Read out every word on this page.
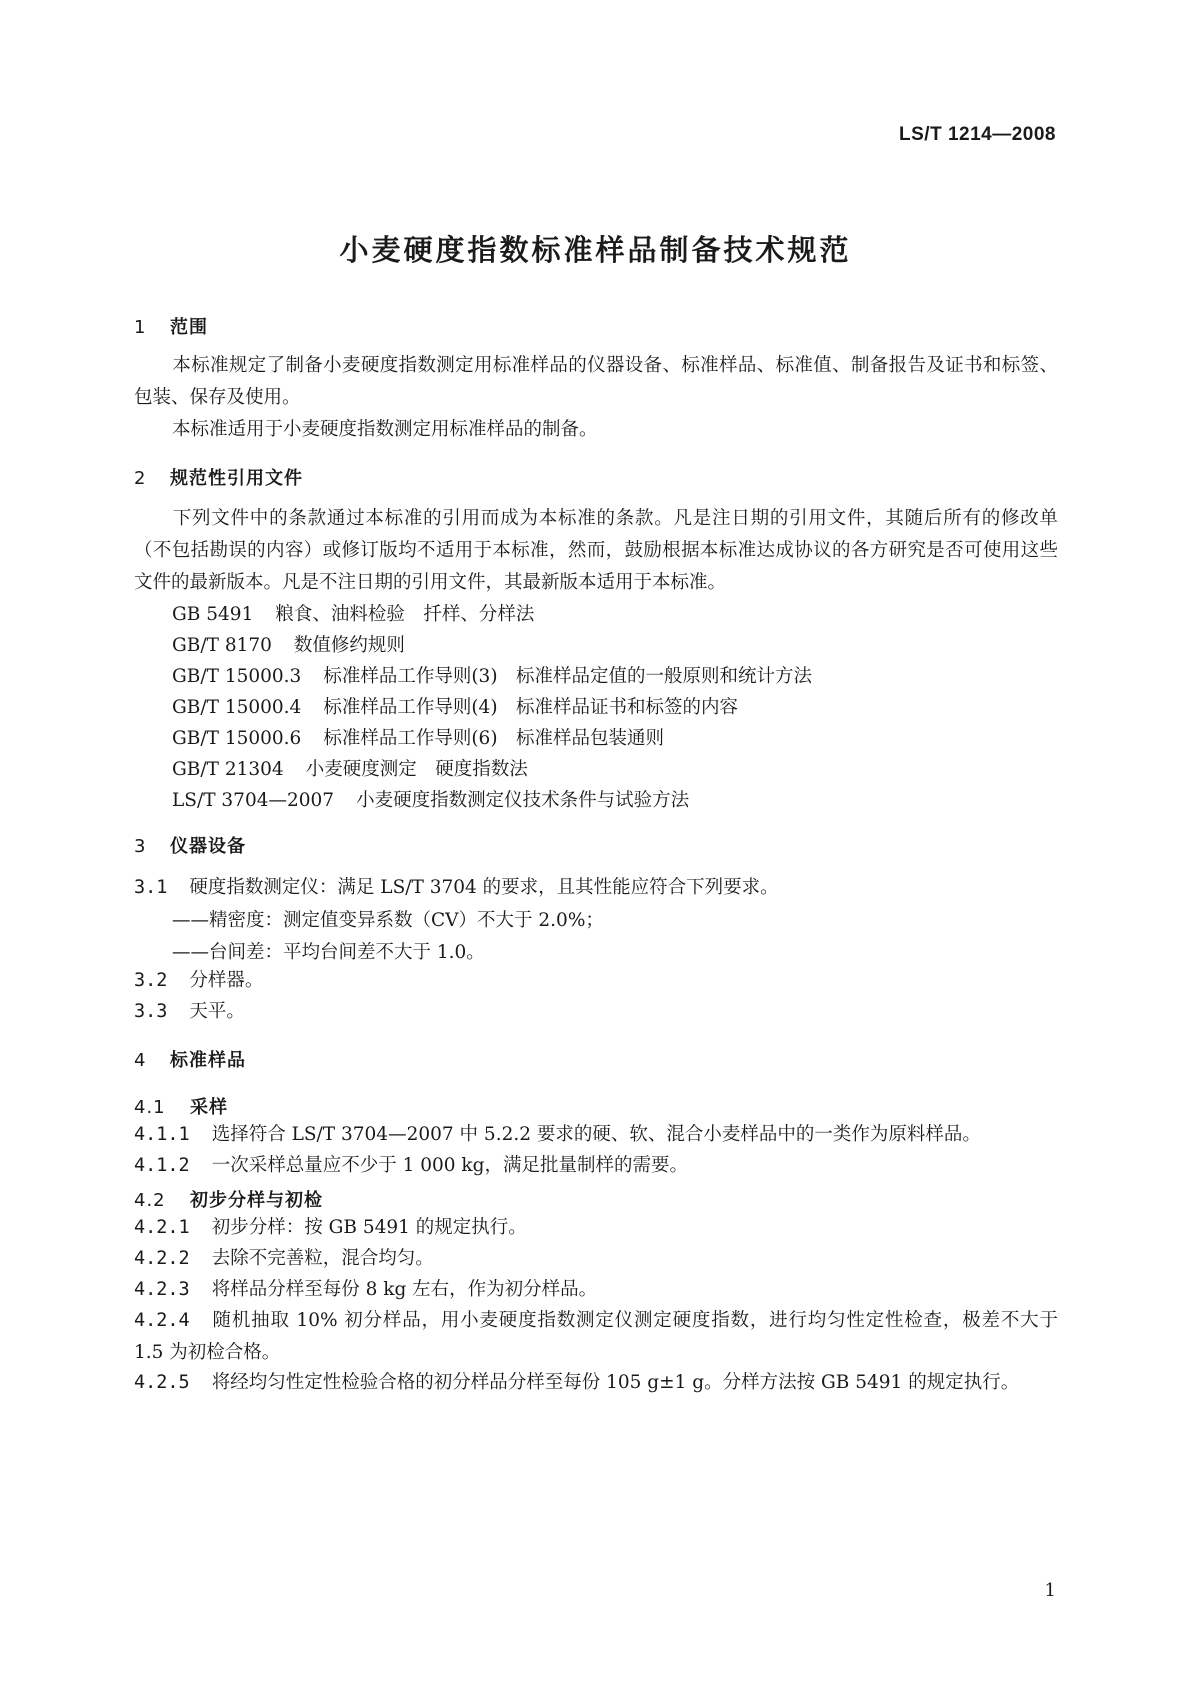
LS/T 1214—2008
小麦硬度指数标准样品制备技术规范
1 范围
本标准规定了制备小麦硬度指数测定用标准样品的仪器设备、标准样品、标准值、制备报告及证书和标签、包装、保存及使用。
本标准适用于小麦硬度指数测定用标准样品的制备。
2 规范性引用文件
下列文件中的条款通过本标准的引用而成为本标准的条款。凡是注日期的引用文件，其随后所有的修改单（不包括勘误的内容）或修订版均不适用于本标准，然而，鼓励根据本标准达成协议的各方研究是否可使用这些文件的最新版本。凡是不注日期的引用文件，其最新版本适用于本标准。
GB 5491 粮食、油料检验　扦样、分样法
GB/T 8170 数值修约规则
GB/T 15000.3 标准样品工作导则(3)　标准样品定值的一般原则和统计方法
GB/T 15000.4 标准样品工作导则(4)　标准样品证书和标签的内容
GB/T 15000.6 标准样品工作导则(6)　标准样品包装通则
GB/T 21304 小麦硬度测定　硬度指数法
LS/T 3704—2007 小麦硬度指数测定仪技术条件与试验方法
3 仪器设备
3.1 硬度指数测定仪：满足 LS/T 3704 的要求，且其性能应符合下列要求。
——精密度：测定值变异系数（CV）不大于 2.0%；
——台间差：平均台间差不大于 1.0。
3.2 分样器。
3.3 天平。
4 标准样品
4.1 采样
4.1.1 选择符合 LS/T 3704—2007 中 5.2.2 要求的硬、软、混合小麦样品中的一类作为原料样品。
4.1.2 一次采样总量应不少于 1 000 kg，满足批量制样的需要。
4.2 初步分样与初检
4.2.1 初步分样：按 GB 5491 的规定执行。
4.2.2 去除不完善粒，混合均匀。
4.2.3 将样品分样至每份 8 kg 左右，作为初分样品。
4.2.4 随机抽取 10% 初分样品，用小麦硬度指数测定仪测定硬度指数，进行均匀性定性检查，极差不大于 1.5 为初检合格。
4.2.5 将经均匀性定性检验合格的初分样品分样至每份 105 g±1 g。分样方法按 GB 5491 的规定执行。
1
